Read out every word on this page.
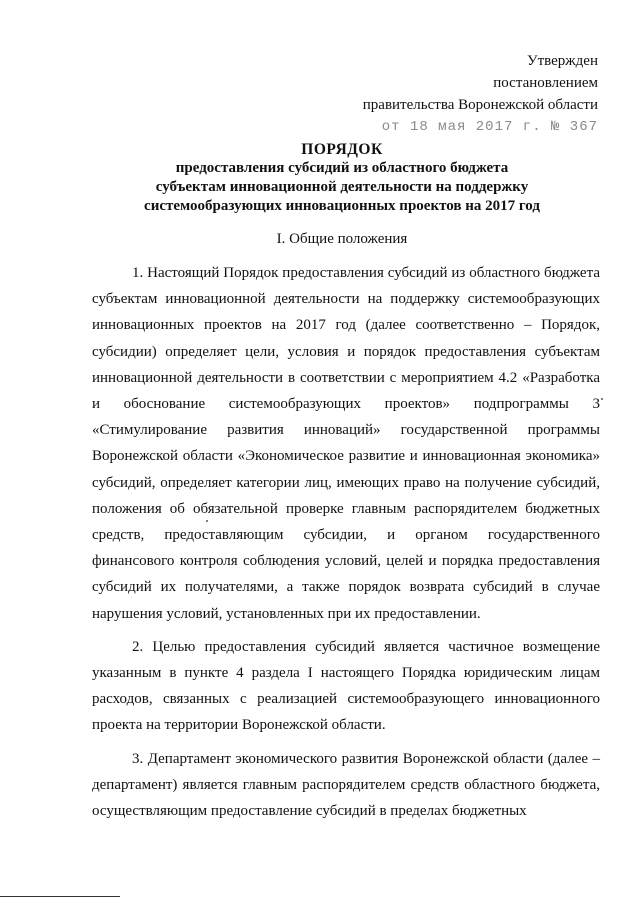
Утвержден
постановлением
правительства Воронежской области
от 18 мая 2017 г. № 367
ПОРЯДОК
предоставления субсидий из областного бюджета
субъектам инновационной деятельности на поддержку
системообразующих инновационных проектов на 2017 год
I. Общие положения

1. Настоящий Порядок предоставления субсидий из областного бюджета субъектам инновационной деятельности на поддержку системообразующих инновационных проектов на 2017 год (далее соответственно – Порядок, субсидии) определяет цели, условия и порядок предоставления субъектам инновационной деятельности в соответствии с мероприятием 4.2 «Разработка и обоснование системообразующих проектов» подпрограммы 3 «Стимулирование развития инноваций» государственной программы Воронежской области «Экономическое развитие и инновационная экономика» субсидий, определяет категории лиц, имеющих право на получение субсидий, положения об обязательной проверке главным распорядителем бюджетных средств, предоставляющим субсидии, и органом государственного финансового контроля соблюдения условий, целей и порядка предоставления субсидий их получателями, а также порядок возврата субсидий в случае нарушения условий, установленных при их предоставлении.

2. Целью предоставления субсидий является частичное возмещение указанным в пункте 4 раздела I настоящего Порядка юридическим лицам расходов, связанных с реализацией системообразующего инновационного проекта на территории Воронежской области.

3. Департамент экономического развития Воронежской области (далее – департамент) является главным распорядителем средств областного бюджета, осуществляющим предоставление субсидий в пределах бюджетных
